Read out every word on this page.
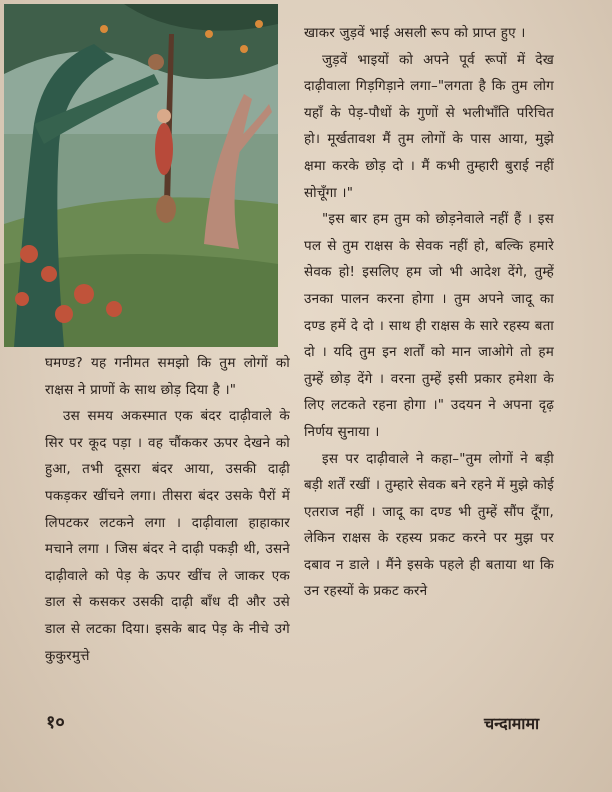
खाकर जुड़वें भाई असली रूप को प्राप्त हुए ।

जुड़वें भाइयों को अपने पूर्व रूपों में देख दाढ़ीवाला गिड़गिड़ाने लगा–"लगता है कि तुम लोग यहाँ के पेड़-पौधों के गुणों से भलीभाँति परिचित हो। मूर्खतावश मैं तुम लोगों के पास आया, मुझे क्षमा करके छोड़ दो । मैं कभी तुम्हारी बुराई नहीं सोचूँगा ।"

"इस बार हम तुम को छोड़नेवाले नहीं हैं । इस पल से तुम राक्षस के सेवक नहीं हो, बल्कि हमारे सेवक हो! इसलिए हम जो भी आदेश देंगे, तुम्हें उनका पालन करना होगा । तुम अपने जादू का दण्ड हमें दे दो । साथ ही राक्षस के सारे रहस्य बता दो । यदि तुम इन शर्तों को मान जाओगे तो हम तुम्हें छोड़ देंगे । वरना तुम्हें इसी प्रकार हमेशा के लिए लटकते रहना होगा ।" उदयन ने अपना दृढ़ निर्णय सुनाया ।

इस पर दाढ़ीवाले ने कहा–"तुम लोगों ने बड़ी बड़ी शर्तें रखीं । तुम्हारे सेवक बने रहने में मुझे कोई एतराज नहीं । जादू का दण्ड भी तुम्हें सौंप दूँगा, लेकिन राक्षस के रहस्य प्रकट करने पर मुझ पर दबाव न डाले । मैंने इसके पहले ही बताया था कि उन रहस्यों के प्रकट करने

घमण्ड? यह गनीमत समझो कि तुम लोगों को राक्षस ने प्राणों के साथ छोड़ दिया है ।"

उस समय अकस्मात एक बंदर दाढ़ीवाले के सिर पर कूद पड़ा । वह चौंककर ऊपर देखने को हुआ, तभी दूसरा बंदर आया, उसकी दाढ़ी पकड़कर खींचने लगा। तीसरा बंदर उसके पैरों में लिपटकर लटकने लगा । दाढ़ीवाला हाहाकार मचाने लगा । जिस बंदर ने दाढ़ी पकड़ी थी, उसने दाढ़ीवाले को पेड़ के ऊपर खींच ले जाकर एक डाल से कसकर उसकी दाढ़ी बाँध दी और उसे डाल से लटका दिया। इसके बाद पेड़ के नीचे उगे कुकुरमुत्ते

१०	चन्दामामा
